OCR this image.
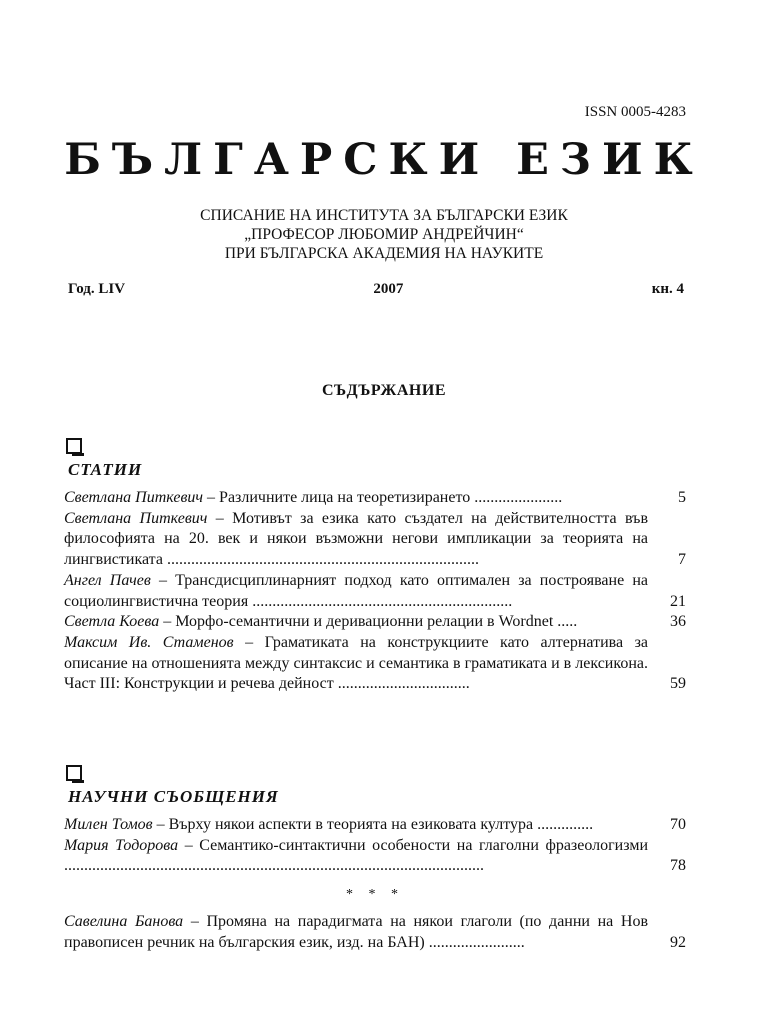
ISSN 0005-4283
БЪЛГАРСКИ ЕЗИК
СПИСАНИЕ НА ИНСТИТУТА ЗА БЪЛГАРСКИ ЕЗИК
„ПРОФЕСОР ЛЮБОМИР АНДРЕЙЧИН“
ПРИ БЪЛГАРСКА АКАДЕМИЯ НА НАУКИТЕ
Год. LIV	2007	кн. 4
СЪДЪРЖАНИЕ
СТАТИИ
Светлана Питкевич – Различните лица на теоретизирането ......................	5
Светлана Питкевич – Мотивът за езика като създател на действителността във философията на 20. век и някои възможни негови импликации за теорията на лингвистиката ..............................................................................	7
Ангел Пачев – Трансдисциплинарният подход като оптимален за построяване на социолингвистична теория .................................................................	21
Светла Коева – Морфо-семантични и деривационни релации в Wordnet .....	36
Максим Ив. Стаменов – Граматиката на конструкциите като алтернатива за описание на отношенията между синтаксис и семантика в граматиката и в лексикона. Част III: Конструкции и речева дейност .................................	59
НАУЧНИ СЪОБЩЕНИЯ
Милен Томов – Върху някои аспекти в теорията на езиковата култура ..............	70
Мария Тодорова – Семантико-синтактични особености на глаголни фразеологизми .........................................................................................................	78
* * *
Савелина Банова – Промяна на парадигмата на някои глаголи (по данни на Нов правописен речник на българския език, изд. на БАН) ........................	92
